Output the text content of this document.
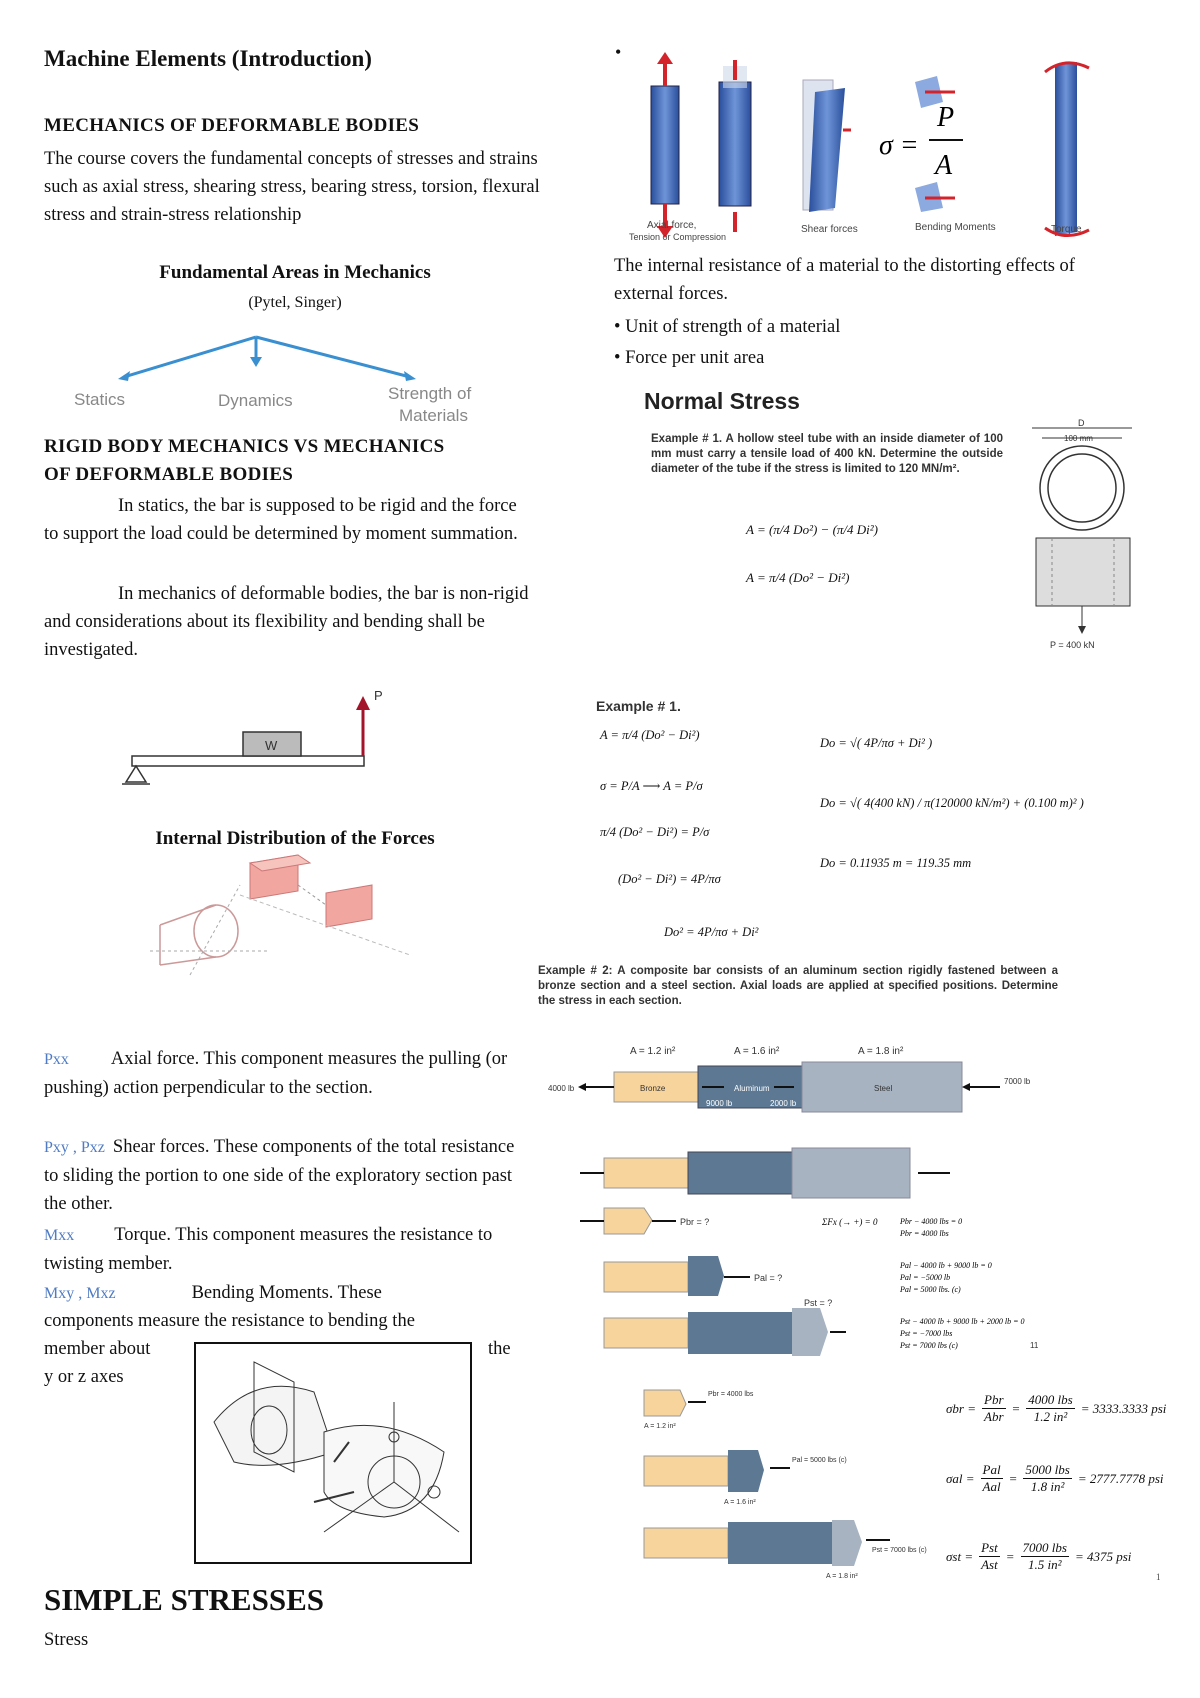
Machine Elements (Introduction)
MECHANICS OF DEFORMABLE BODIES
The course covers the fundamental concepts of stresses and strains such as axial stress, shearing stress, bearing stress, torsion, flexural stress and strain-stress relationship
Fundamental Areas in Mechanics
(Pytel, Singer)
Statics	Dynamics	Strength of
Materials
RIGID BODY MECHANICS VS MECHANICS
OF DEFORMABLE BODIES
In statics, the bar is supposed to be rigid and the force to support the load could be determined by moment summation.
In mechanics of deformable bodies, the bar is non-rigid and considerations about its flexibility and bending shall be investigated.
W
P
Internal Distribution of the Forces
Pxx Axial force. This component measures the pulling (or pushing) action perpendicular to the section.
Pxy , Pxz Shear forces. These components of the total resistance to sliding the portion to one side of the exploratory section past the other.
Mxx Torque. This component measures the resistance to twisting member.
Mxy , Mxz	Bending Moments. These
components measure the resistance to bending the
member about	the
y or z axes
SIMPLE STRESSES
Stress
•
σ =
P
A
Axial force,
Tension or Compression
Shear forces	Bending Moments	Torque
The internal resistance of a material to the distorting effects of external forces.
• Unit of strength of a material
• Force per unit area
Normal Stress
Example # 1. A hollow steel tube with an inside diameter of 100 mm must carry a tensile load of 400 kN. Determine the outside diameter of the tube if the stress is limited to 120 MN/m².
A = (π/4 Do²) − (π/4 Di²)
A = π/4 (Do² − Di²)
D
100 mm
P = 400 kN
Example # 1.
A = π/4 (Do² − Di²)
σ = P/A ⟶ A = P/σ
π/4 (Do² − Di²) = P/σ
(Do² − Di²) = 4P/πσ
Do² = 4P/πσ + Di²
Do = √( 4P/πσ + Di² )
Do = √( 4(400 kN) / π(120000 kN/m²) + (0.100 m)² )
Do = 0.11935 m = 119.35 mm
Example # 2: A composite bar consists of an aluminum section rigidly fastened between a bronze section and a steel section. Axial loads are applied at specified positions. Determine the stress in each section.
A = 1.2 in²	A = 1.6 in²	A = 1.8 in²
Bronze	Aluminum	Steel
4000 lb
9000 lb	2000 lb
7000 lb
Pbr = ?
Pal = ?
Pst = ?
ΣFx (→ +) = 0	Pbr − 4000 lbs = 0
Pbr = 4000 lbs
Pal − 4000 lb + 9000 lb = 0
Pal = −5000 lb
Pal = 5000 lbs. (c)
Pst − 4000 lb + 9000 lb + 2000 lb = 0
Pst = −7000 lbs
Pst = 7000 lbs (c)	11
Pbr = 4000 lbs
A = 1.2 in²
Pal = 5000 lbs (c)
A = 1.6 in²
Pst = 7000 lbs (c)
A = 1.8 in²
σbr =
Pbr
Abr
=
4000 lbs
1.2 in²
= 3333.3333 psi
σal =
Pal
Aal
=
5000 lbs
1.8 in²
= 2777.7778 psi
σst =
Pst
Ast
=
7000 lbs
1.5 in²
= 4375 psi
1
